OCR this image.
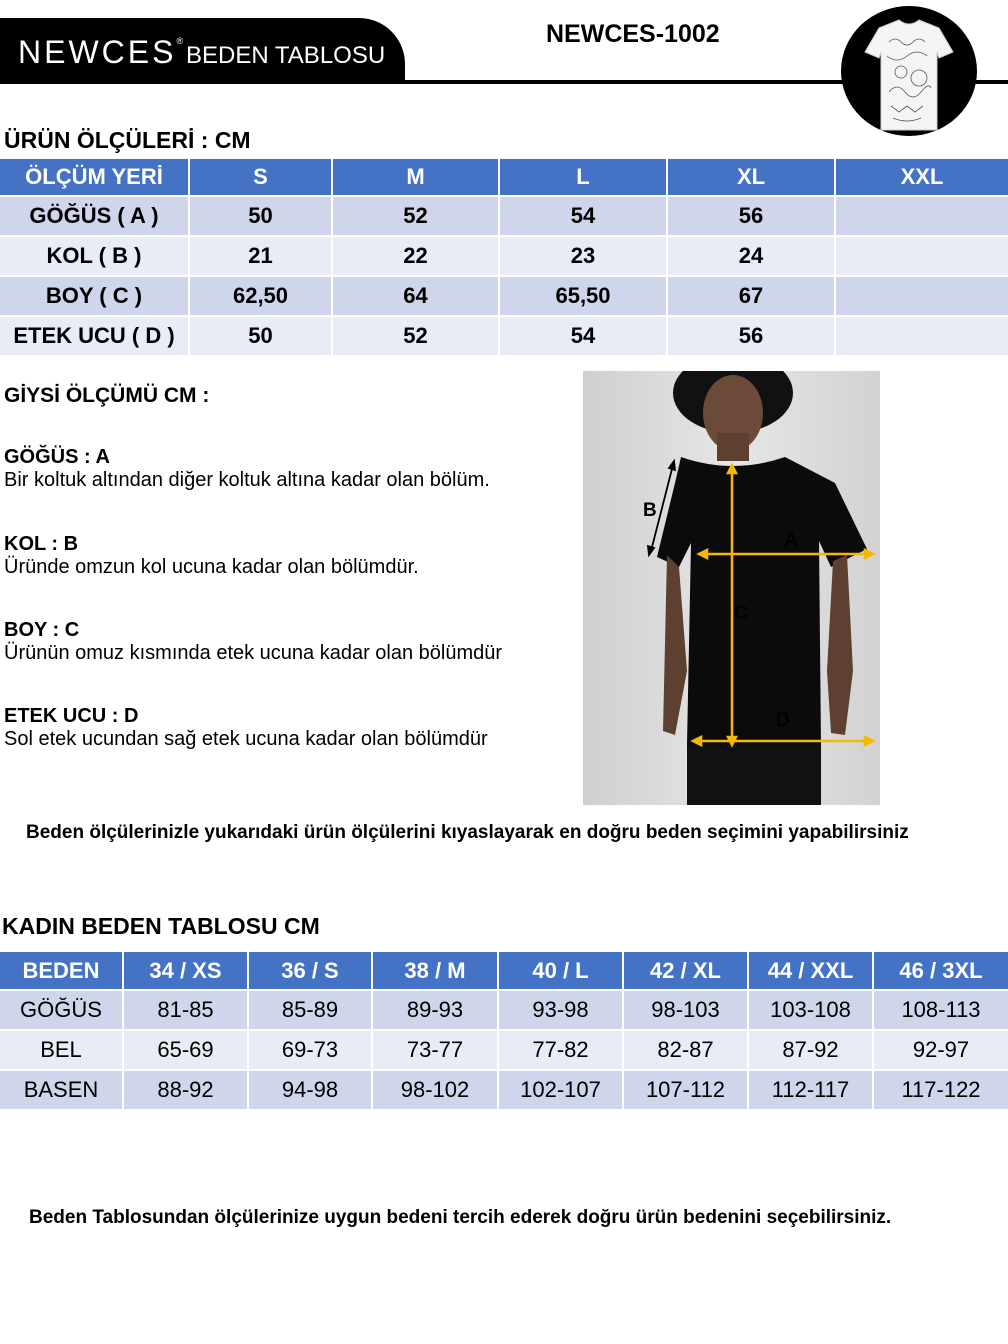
NEWCES®
BEDEN TABLOSU
NEWCES-1002
ÜRÜN ÖLÇÜLERİ : CM
ÖLÇÜM YERİ	S	M	L	XL	XXL
GÖĞÜS ( A )	50	52	54	56	
KOL ( B )	21	22	23	24	
BOY ( C )	62,50	64	65,50	67	
ETEK UCU ( D )	50	52	54	56	
GİYSİ ÖLÇÜMÜ CM :
GÖĞÜS : A
Bir koltuk altından diğer koltuk altına kadar olan bölüm.
KOL : B
Üründe omzun kol ucuna kadar olan bölümdür.
BOY : C
Ürünün omuz kısmında etek ucuna kadar olan bölümdür
ETEK UCU : D
Sol etek ucundan sağ etek ucuna kadar olan bölümdür
A
B
C
D
Beden ölçülerinizle yukarıdaki ürün ölçülerini kıyaslayarak en doğru beden seçimini yapabilirsiniz
KADIN BEDEN TABLOSU CM
BEDEN	34 / XS	36 / S	38 / M	40 / L	42 / XL	44 / XXL	46 / 3XL
GÖĞÜS	81-85	85-89	89-93	93-98	98-103	103-108	108-113
BEL	65-69	69-73	73-77	77-82	82-87	87-92	92-97
BASEN	88-92	94-98	98-102	102-107	107-112	112-117	117-122
Beden Tablosundan ölçülerinize uygun bedeni tercih ederek doğru ürün bedenini seçebilirsiniz.
